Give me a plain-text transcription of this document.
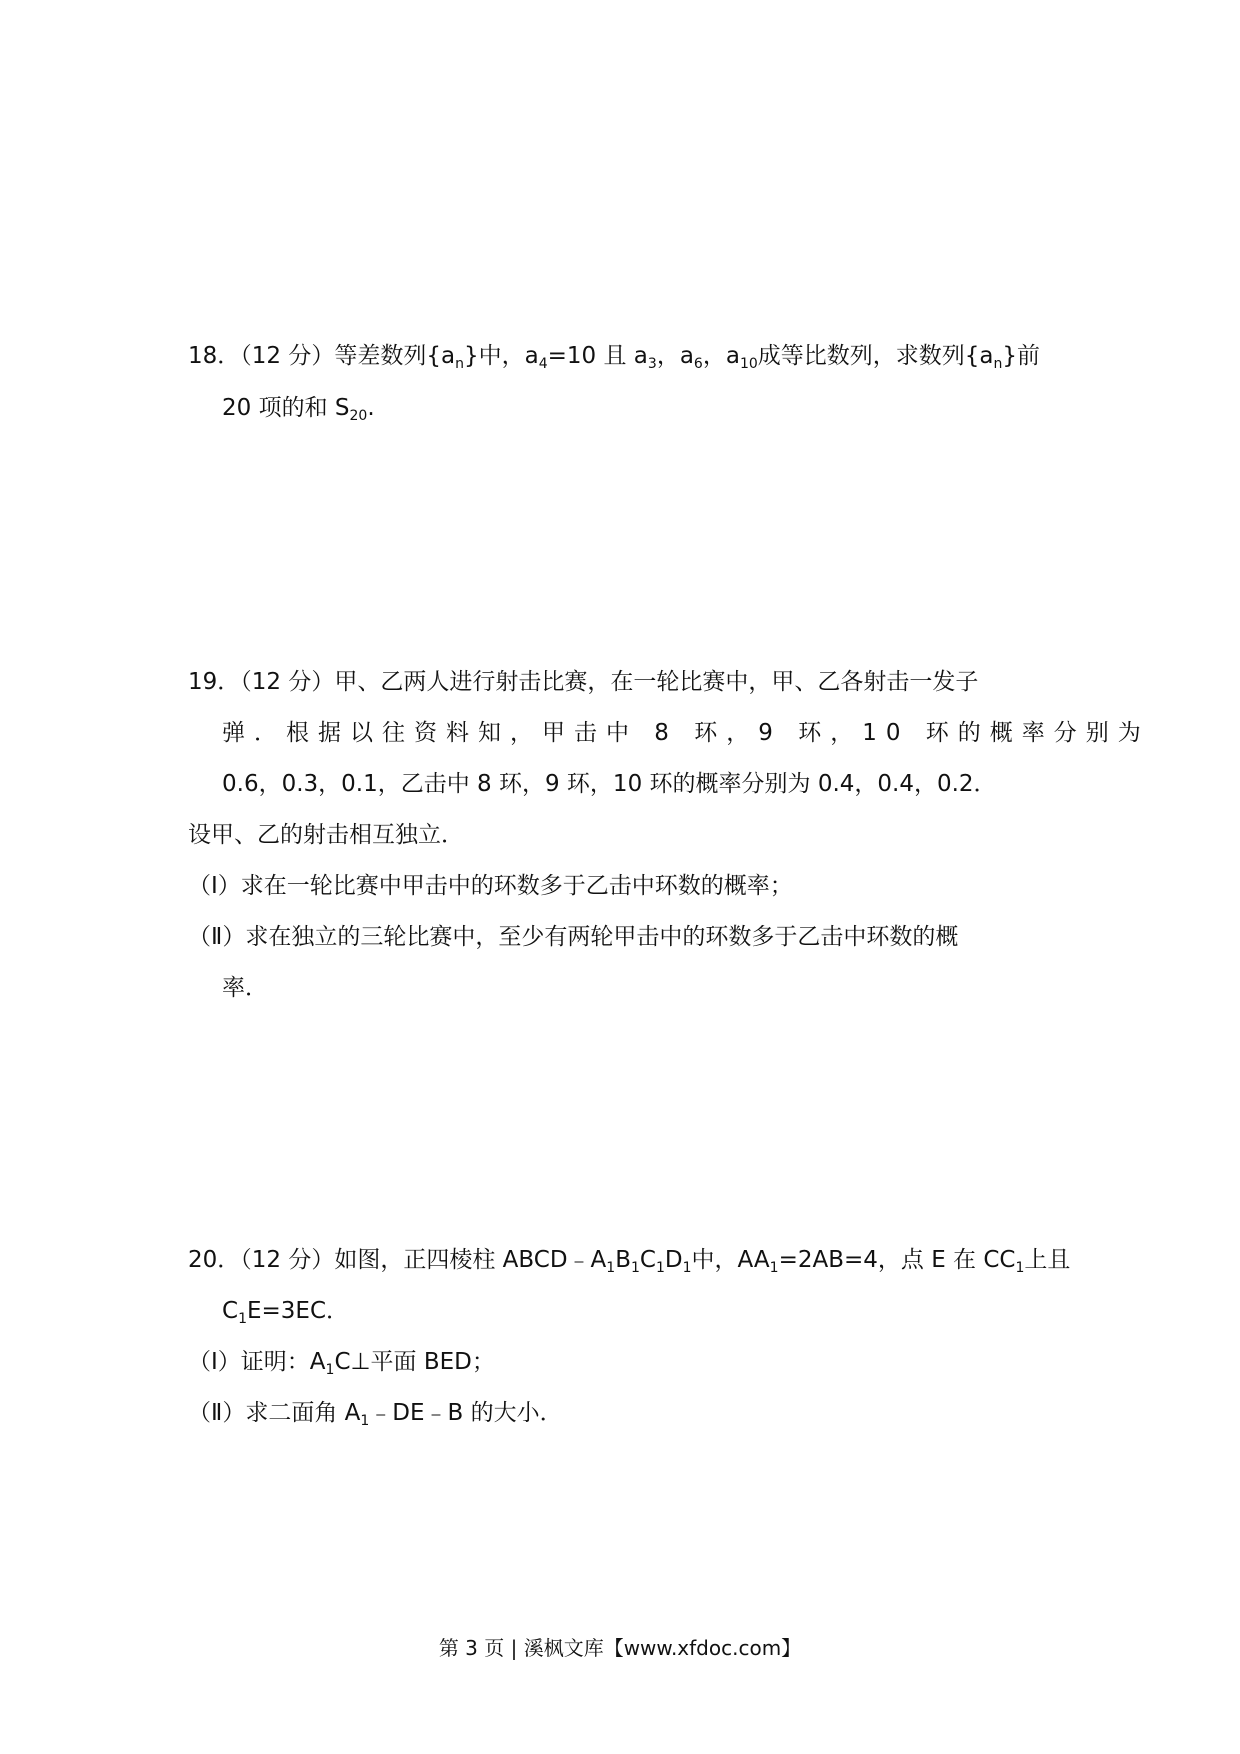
18．（12 分）等差数列$\{a_n\}$中，$a_4=10$ 且 $a_3$，$a_6$，$a_{10}$成等比数列，求数列$\{a_n\}$前
20 项的和 $S_{20}$.
19．（12 分）甲、乙两人进行射击比赛，在一轮比赛中，甲、乙各射击一发子
弹．根据以往资料知，甲击中 8 环，9 环，10 环的概率分别为
0.6，0.3，0.1，乙击中 8 环，9 环，10 环的概率分别为 0.4，0.4，0.2．
设甲、乙的射击相互独立．
（Ⅰ）求在一轮比赛中甲击中的环数多于乙击中环数的概率；
（Ⅱ）求在独立的三轮比赛中，至少有两轮甲击中的环数多于乙击中环数的概
率．
20．（12 分）如图，正四棱柱 $ABCD﹣A_1B_1C_1D_1$中，$AA_1=2AB=4$，点 E 在 $CC_1$上且
$C_1E=3EC$．
（Ⅰ）证明：$A_1C\perp$平面 BED；
（Ⅱ）求二面角 $A_1﹣DE﹣B$ 的大小．
第 3 页 | 溪枫文库【www.xfdoc.com】
